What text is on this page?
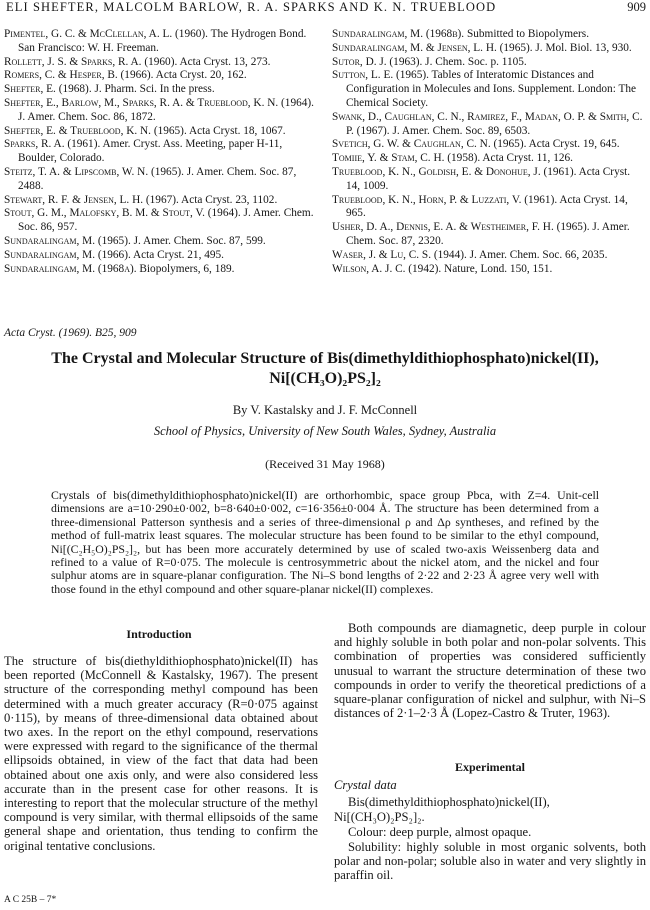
ELI SHEFTER, MALCOLM BARLOW, R. A. SPARKS AND K. N. TRUEBLOOD	909
Pimentel, G. C. & McClellan, A. L. (1960). The Hydrogen Bond. San Francisco: W. H. Freeman.
Rollett, J. S. & Sparks, R. A. (1960). Acta Cryst. 13, 273.
Romers, C. & Hesper, B. (1966). Acta Cryst. 20, 162.
Shefter, E. (1968). J. Pharm. Sci. In the press.
Shefter, E., Barlow, M., Sparks, R. A. & Trueblood, K. N. (1964). J. Amer. Chem. Soc. 86, 1872.
Shefter, E. & Trueblood, K. N. (1965). Acta Cryst. 18, 1067.
Sparks, R. A. (1961). Amer. Cryst. Ass. Meeting, paper H-11, Boulder, Colorado.
Steitz, T. A. & Lipscomb, W. N. (1965). J. Amer. Chem. Soc. 87, 2488.
Stewart, R. F. & Jensen, L. H. (1967). Acta Cryst. 23, 1102.
Stout, G. M., Malofsky, B. M. & Stout, V. (1964). J. Amer. Chem. Soc. 86, 957.
Sundaralingam, M. (1965). J. Amer. Chem. Soc. 87, 599.
Sundaralingam, M. (1966). Acta Cryst. 21, 495.
Sundaralingam, M. (1968a). Biopolymers, 6, 189.
Sundaralingam, M. (1968b). Submitted to Biopolymers.
Sundaralingam, M. & Jensen, L. H. (1965). J. Mol. Biol. 13, 930.
Sutor, D. J. (1963). J. Chem. Soc. p. 1105.
Sutton, L. E. (1965). Tables of Interatomic Distances and Configuration in Molecules and Ions. Supplement. London: The Chemical Society.
Swank, D., Caughlan, C. N., Ramirez, F., Madan, O. P. & Smith, C. P. (1967). J. Amer. Chem. Soc. 89, 6503.
Svetich, G. W. & Caughlan, C. N. (1965). Acta Cryst. 19, 645.
Tomiie, Y. & Stam, C. H. (1958). Acta Cryst. 11, 126.
Trueblood, K. N., Goldish, E. & Donohue, J. (1961). Acta Cryst. 14, 1009.
Trueblood, K. N., Horn, P. & Luzzati, V. (1961). Acta Cryst. 14, 965.
Usher, D. A., Dennis, E. A. & Westheimer, F. H. (1965). J. Amer. Chem. Soc. 87, 2320.
Waser, J. & Lu, C. S. (1944). J. Amer. Chem. Soc. 66, 2035.
Wilson, A. J. C. (1942). Nature, Lond. 150, 151.
Acta Cryst. (1969). B25, 909
The Crystal and Molecular Structure of Bis(dimethyldithiophosphato)nickel(II),
Ni[(CH₃O)₂PS₂]₂
By V. Kastalsky and J. F. McConnell
School of Physics, University of New South Wales, Sydney, Australia
(Received 31 May 1968)
Crystals of bis(dimethyldithiophosphato)nickel(II) are orthorhombic, space group Pbca, with Z=4. Unit-cell dimensions are a=10·290±0·002, b=8·640±0·002, c=16·356±0·004 Å. The structure has been determined from a three-dimensional Patterson synthesis and a series of three-dimensional ρ and Δρ syntheses, and refined by the method of full-matrix least squares. The molecular structure has been found to be similar to the ethyl compound, Ni[(C₂H₅O)₂PS₂]₂, but has been more accurately determined by use of scaled two-axis Weissenberg data and refined to a value of R=0·075. The molecule is centrosymmetric about the nickel atom, and the nickel and four sulphur atoms are in square-planar configuration. The Ni–S bond lengths of 2·22 and 2·23 Å agree very well with those found in the ethyl compound and other square-planar nickel(II) complexes.
Introduction
The structure of bis(diethyldithiophosphato)nickel(II) has been reported (McConnell & Kastalsky, 1967). The present structure of the corresponding methyl compound has been determined with a much greater accuracy (R=0·075 against 0·115), by means of three-dimensional data obtained about two axes. In the report on the ethyl compound, reservations were expressed with regard to the significance of the thermal ellipsoids obtained, in view of the fact that data had been obtained about one axis only, and were also considered less accurate than in the present case for other reasons. It is interesting to report that the molecular structure of the methyl compound is very similar, with thermal ellipsoids of the same general shape and orientation, thus tending to confirm the original tentative conclusions.
Both compounds are diamagnetic, deep purple in colour and highly soluble in both polar and non-polar solvents. This combination of properties was considered sufficiently unusual to warrant the structure determination of these two compounds in order to verify the theoretical predictions of a square-planar configuration of nickel and sulphur, with Ni–S distances of 2·1–2·3 Å (Lopez-Castro & Truter, 1963).
Experimental
Crystal data
Bis(dimethyldithiophosphato)nickel(II),
Ni[(CH₃O)₂PS₂]₂.
Colour: deep purple, almost opaque.
Solubility: highly soluble in most organic solvents, both polar and non-polar; soluble also in water and very slightly in paraffin oil.
A C 25B – 7*
